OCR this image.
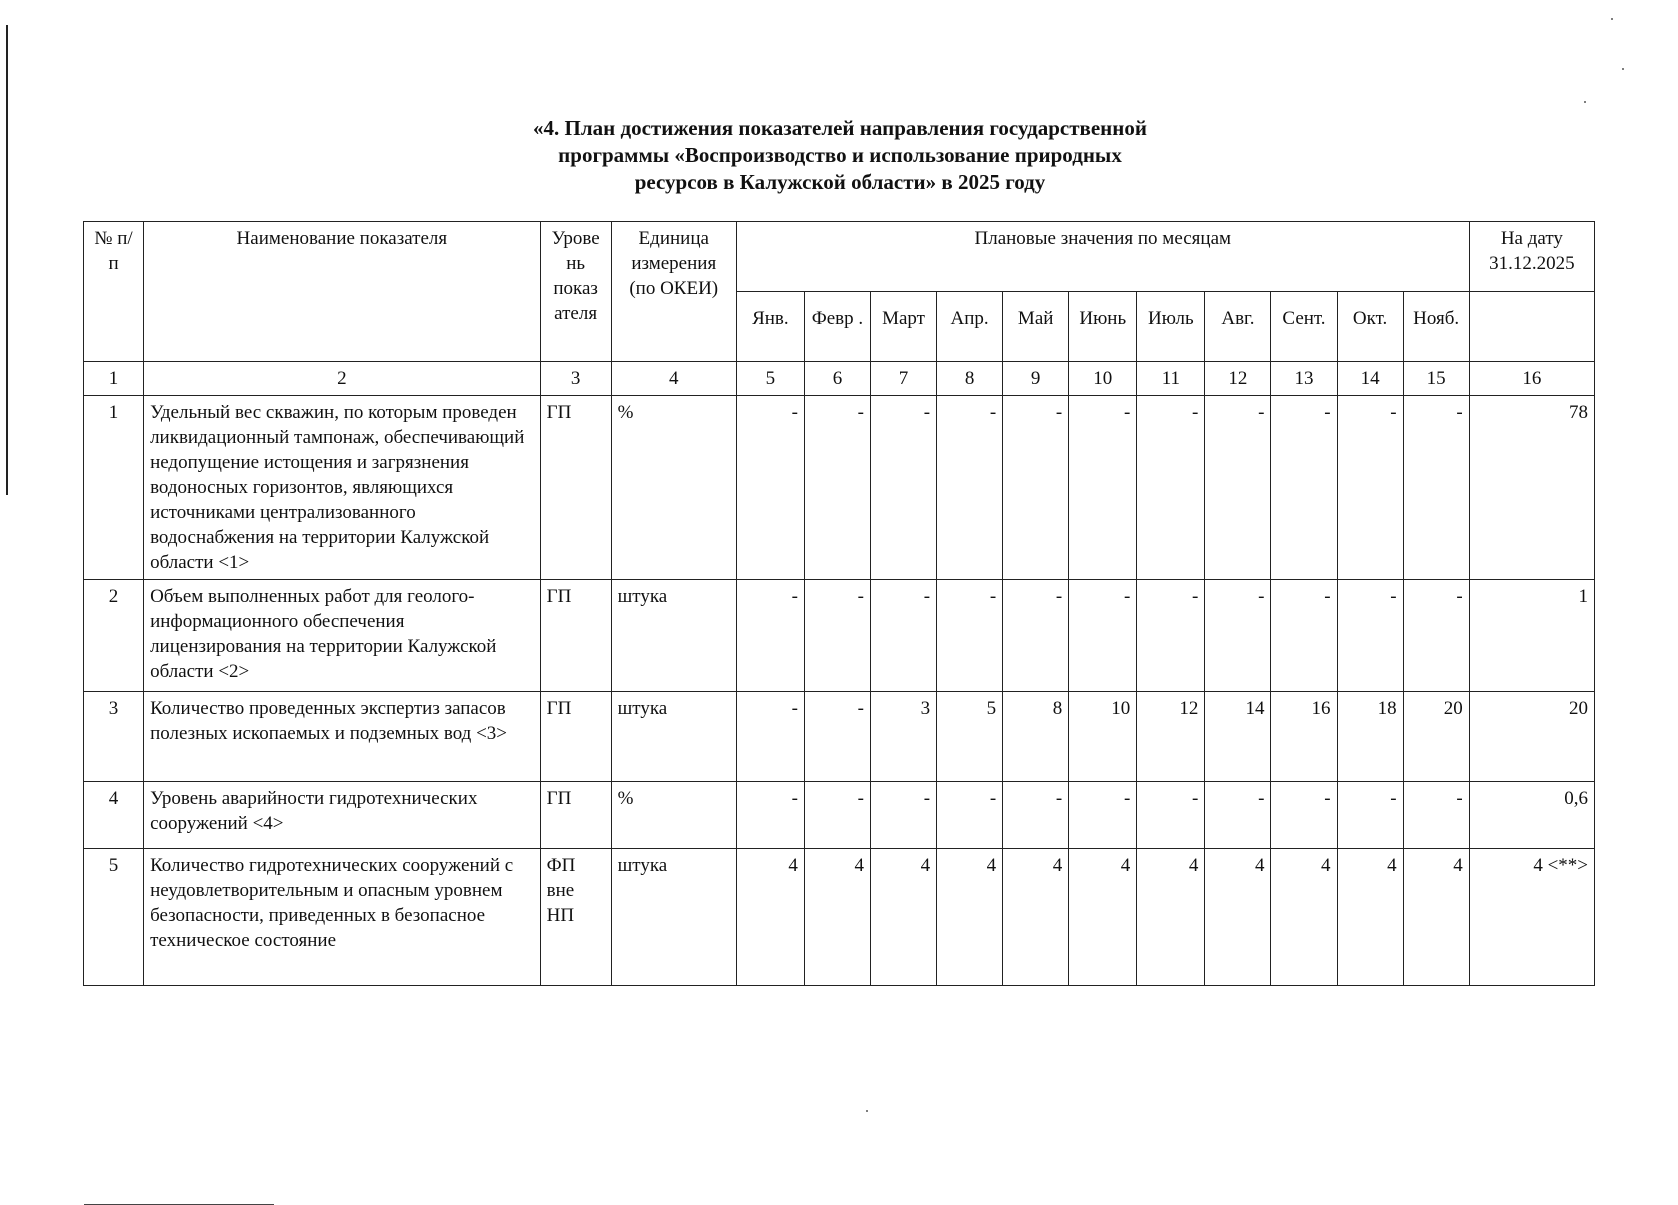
«4. План достижения показателей направления государственной
программы «Воспроизводство и использование природных
ресурсов в Калужской области» в 2025 году
№ п/п	Наименование показателя	Урове нь показ ателя	Единица измерения (по ОКЕИ)	Плановые значения по месяцам											На дату 31.12.2025
				Янв.	Февр .	Март	Апр.	Май	Июнь	Июль	Авг.	Сент.	Окт.	Нояб.	
1	2	3	4	5	6	7	8	9	10	11	12	13	14	15	16
1	Удельный вес скважин, по которым проведен ликвидационный тампонаж, обеспечивающий недопущение истощения и загрязнения водоносных горизонтов, являющихся источниками централизованного водоснабжения на территории Калужской области <1>	ГП	%	-	-	-	-	-	-	-	-	-	-	-	78
2	Объем выполненных работ для геолого-информационного обеспечения лицензирования на территории Калужской области <2>	ГП	штука	-	-	-	-	-	-	-	-	-	-	-	1
3	Количество проведенных экспертиз запасов полезных ископаемых и подземных вод <3>	ГП	штука	-	-	3	5	8	10	12	14	16	18	20	20
4	Уровень аварийности гидротехнических сооружений <4>	ГП	%	-	-	-	-	-	-	-	-	-	-	-	0,6
5	Количество гидротехнических сооружений с неудовлетворительным и опасным уровнем безопасности, приведенных в безопасное техническое состояние	ФП вне НП	штука	4	4	4	4	4	4	4	4	4	4	4	4 <**>
